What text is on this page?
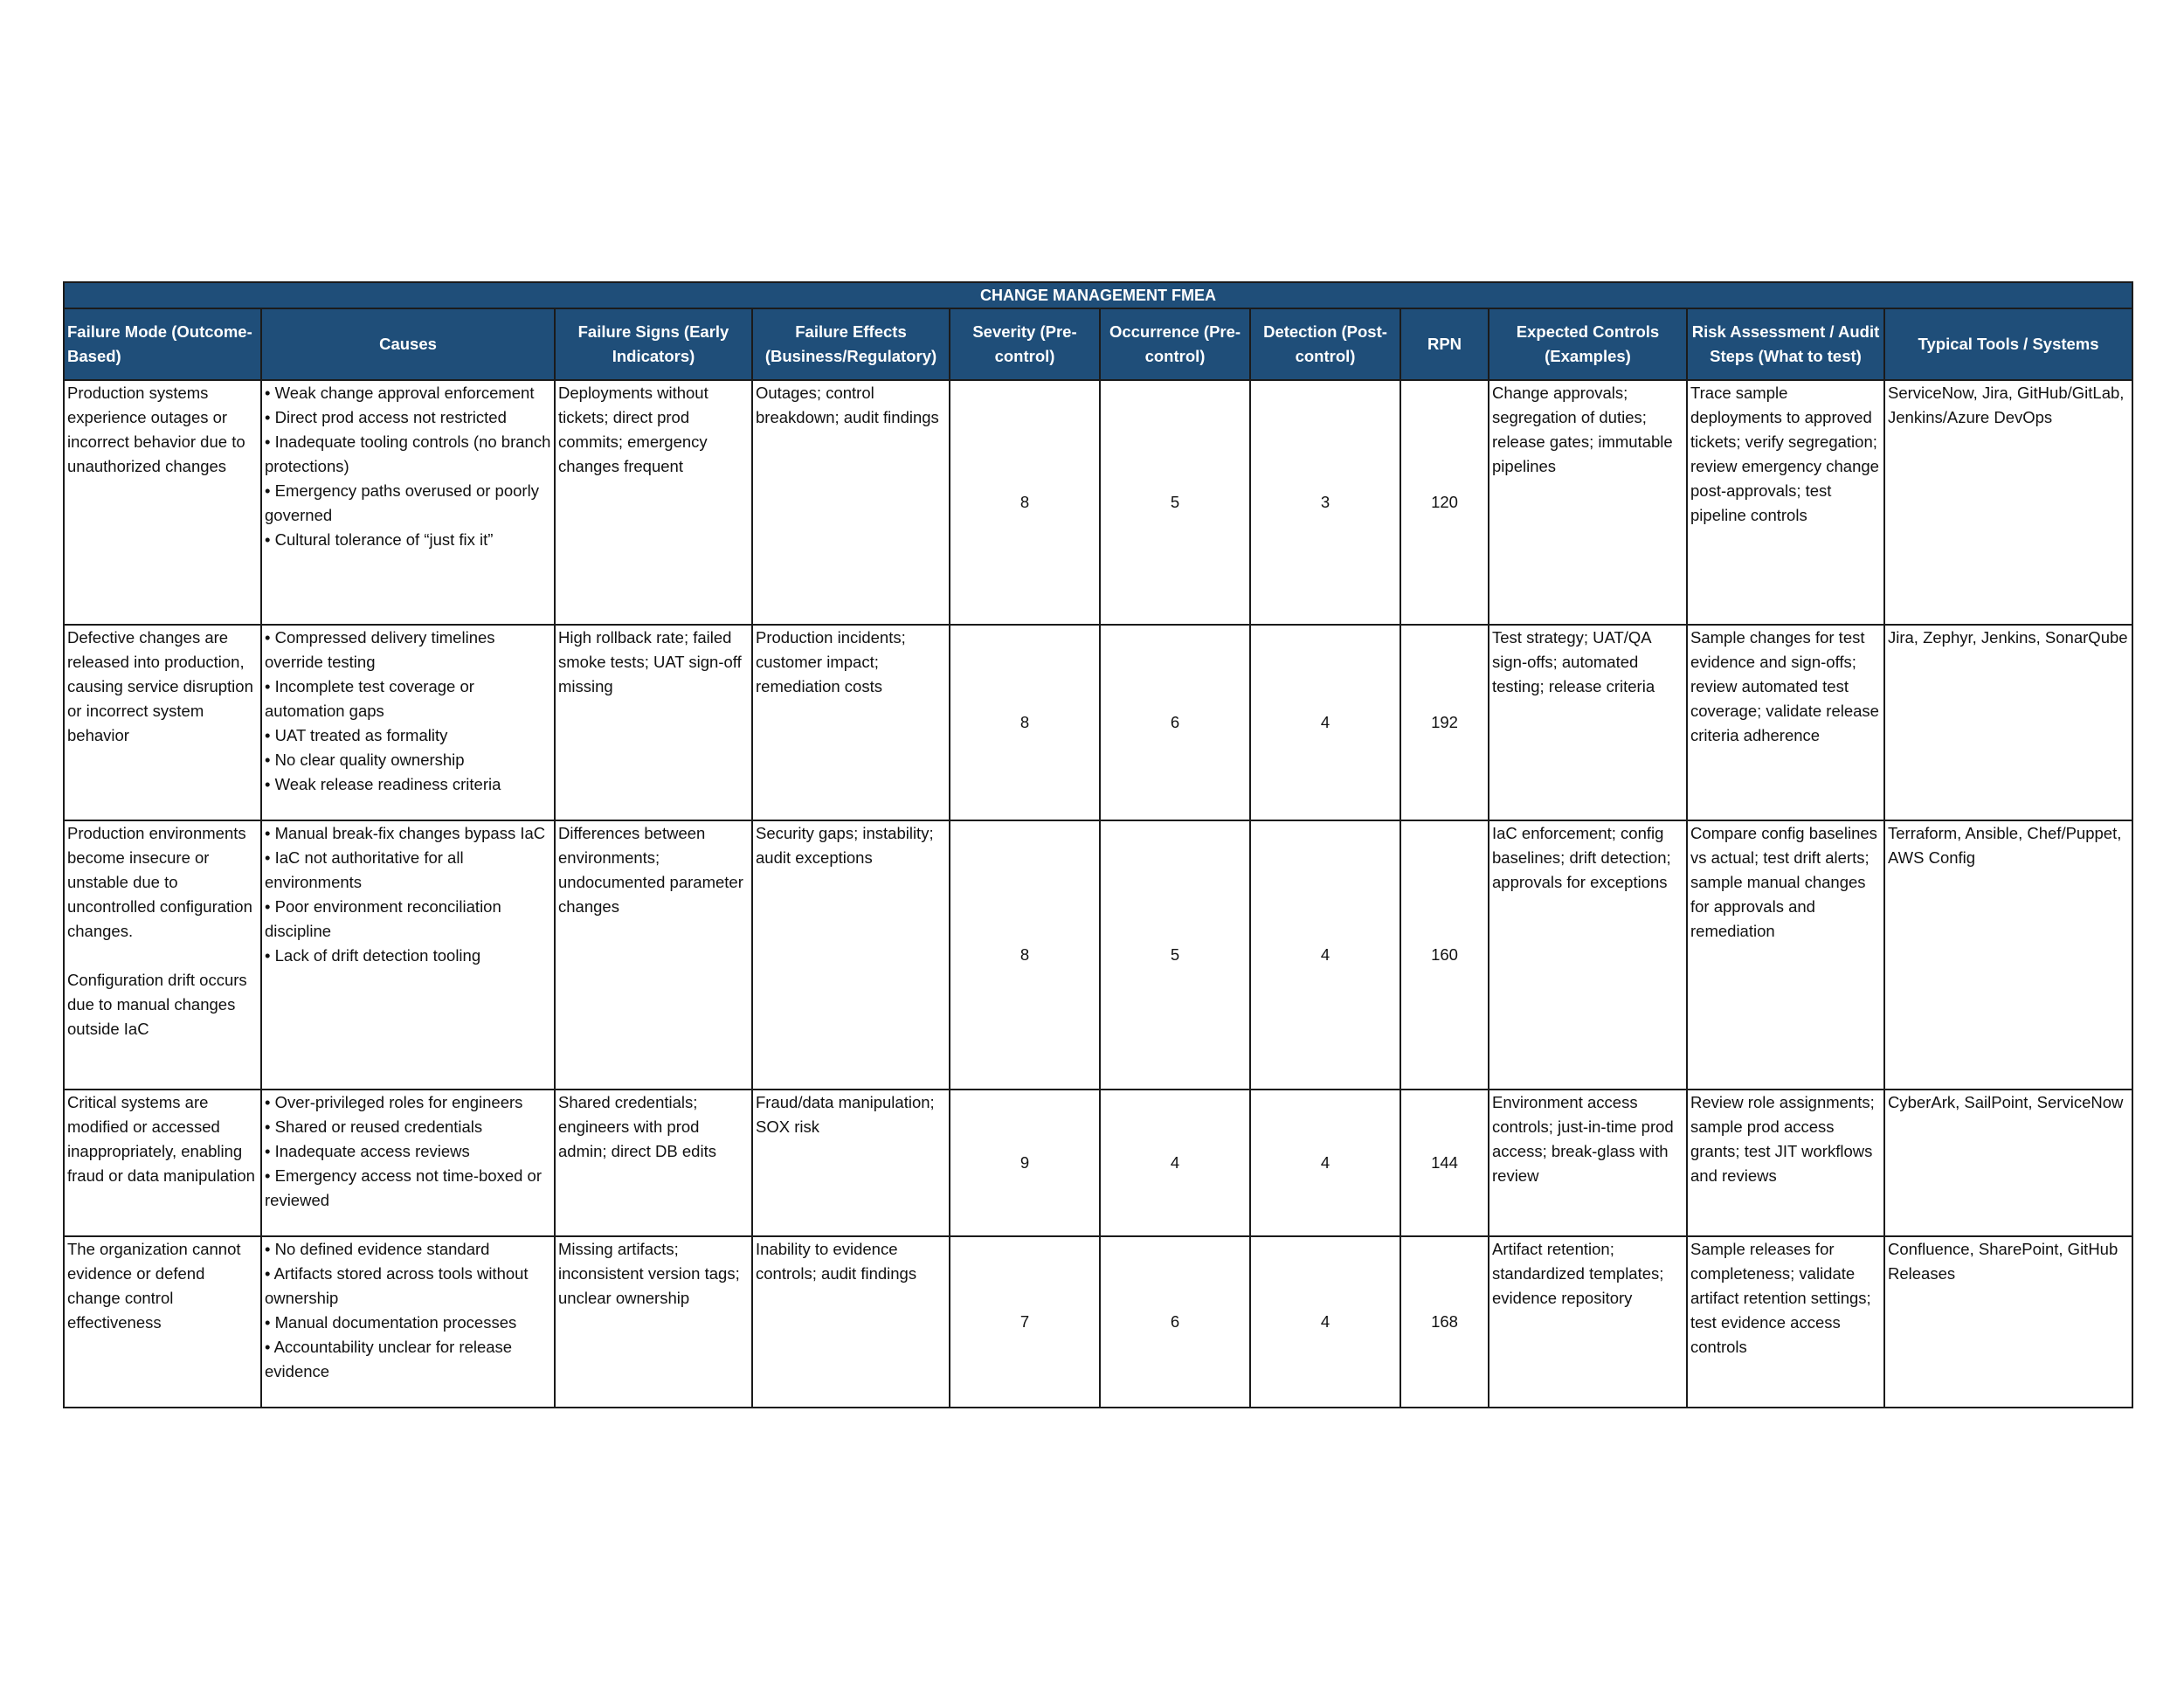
CHANGE MANAGEMENT FMEA										
Failure Mode (Outcome-Based)	Causes	Failure Signs (Early Indicators)	Failure Effects (Business/Regulatory)	Severity (Pre-control)	Occurrence (Pre-control)	Detection (Post-control)	RPN	Expected Controls (Examples)	Risk Assessment / Audit Steps (What to test)	Typical Tools / Systems
Production systems experience outages or incorrect behavior due to unauthorized changes	• Weak change approval enforcement
• Direct prod access not restricted
• Inadequate tooling controls (no branch protections)
• Emergency paths overused or poorly governed
• Cultural tolerance of “just fix it”	Deployments without tickets; direct prod commits; emergency changes frequent	Outages; control breakdown; audit findings	8	5	3	120	Change approvals; segregation of duties; release gates; immutable pipelines	Trace sample deployments to approved tickets; verify segregation; review emergency change post-approvals; test pipeline controls	ServiceNow, Jira, GitHub/GitLab, Jenkins/Azure DevOps
Defective changes are released into production, causing service disruption or incorrect system behavior	• Compressed delivery timelines override testing
• Incomplete test coverage or automation gaps
• UAT treated as formality
• No clear quality ownership
• Weak release readiness criteria	High rollback rate; failed smoke tests; UAT sign-off missing	Production incidents; customer impact; remediation costs	8	6	4	192	Test strategy; UAT/QA sign-offs; automated testing; release criteria	Sample changes for test evidence and sign-offs; review automated test coverage; validate release criteria adherence	Jira, Zephyr, Jenkins, SonarQube
Production environments become insecure or unstable due to uncontrolled configuration changes.
Configuration drift occurs due to manual changes outside IaC	• Manual break-fix changes bypass IaC
• IaC not authoritative for all environments
• Poor environment reconciliation discipline
• Lack of drift detection tooling	Differences between environments; undocumented parameter changes	Security gaps; instability; audit exceptions	8	5	4	160	IaC enforcement; config baselines; drift detection; approvals for exceptions	Compare config baselines vs actual; test drift alerts; sample manual changes for approvals and remediation	Terraform, Ansible, Chef/Puppet, AWS Config
Critical systems are modified or accessed inappropriately, enabling fraud or data manipulation	• Over-privileged roles for engineers
• Shared or reused credentials
• Inadequate access reviews
• Emergency access not time-boxed or reviewed	Shared credentials; engineers with prod admin; direct DB edits	Fraud/data manipulation; SOX risk	9	4	4	144	Environment access controls; just-in-time prod access; break-glass with review	Review role assignments; sample prod access grants; test JIT workflows and reviews	CyberArk, SailPoint, ServiceNow
The organization cannot evidence or defend change control effectiveness	• No defined evidence standard
• Artifacts stored across tools without ownership
• Manual documentation processes
• Accountability unclear for release evidence	Missing artifacts; inconsistent version tags; unclear ownership	Inability to evidence controls; audit findings	7	6	4	168	Artifact retention; standardized templates; evidence repository	Sample releases for completeness; validate artifact retention settings; test evidence access controls	Confluence, SharePoint, GitHub Releases
